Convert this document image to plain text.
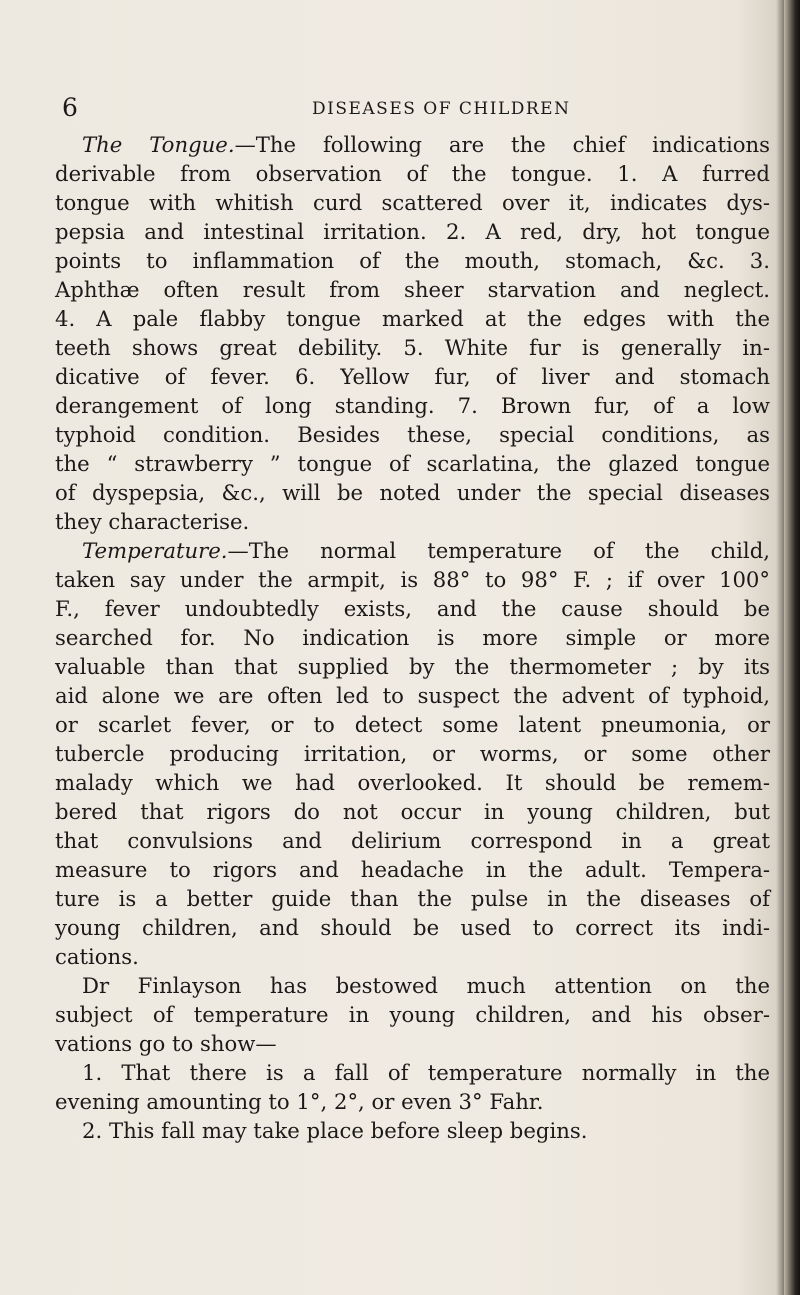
6	DISEASES OF CHILDREN
The Tongue.—The following are the chief indications
derivable from observation of the tongue. 1. A furred
tongue with whitish curd scattered over it, indicates dys-
pepsia and intestinal irritation. 2. A red, dry, hot tongue
points to inflammation of the mouth, stomach, &c. 3.
Aphthæ often result from sheer starvation and neglect.
4. A pale flabby tongue marked at the edges with the
teeth shows great debility. 5. White fur is generally in-
dicative of fever. 6. Yellow fur, of liver and stomach
derangement of long standing. 7. Brown fur, of a low
typhoid condition. Besides these, special conditions, as
the “ strawberry ” tongue of scarlatina, the glazed tongue
of dyspepsia, &c., will be noted under the special diseases
they characterise.
Temperature.—The normal temperature of the child,
taken say under the armpit, is 88° to 98° F. ; if over 100°
F., fever undoubtedly exists, and the cause should be
searched for. No indication is more simple or more
valuable than that supplied by the thermometer ; by its
aid alone we are often led to suspect the advent of typhoid,
or scarlet fever, or to detect some latent pneumonia, or
tubercle producing irritation, or worms, or some other
malady which we had overlooked. It should be remem-
bered that rigors do not occur in young children, but
that convulsions and delirium correspond in a great
measure to rigors and headache in the adult. Tempera-
ture is a better guide than the pulse in the diseases of
young children, and should be used to correct its indi-
cations.
Dr Finlayson has bestowed much attention on the
subject of temperature in young children, and his obser-
vations go to show—
1. That there is a fall of temperature normally in the
evening amounting to 1°, 2°, or even 3° Fahr.
2. This fall may take place before sleep begins.
